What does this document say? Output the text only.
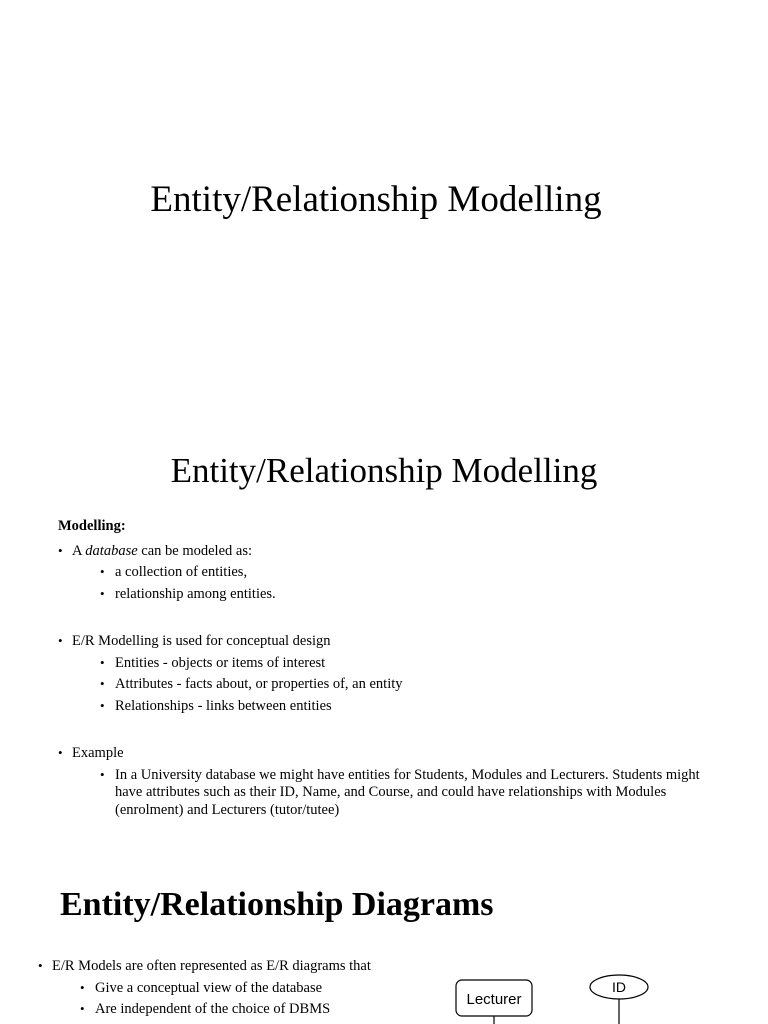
Entity/Relationship Modelling
Entity/Relationship Modelling
Modelling:
• A database can be modeled as:
• a collection of entities,
• relationship among entities.
• E/R Modelling is used for conceptual design
• Entities - objects or items of interest
• Attributes - facts about, or properties of, an entity
• Relationships - links between entities
• Example
• In a University database we might have entities for Students, Modules and Lecturers. Students might have attributes such as their ID, Name, and Course, and could have relationships with Modules (enrolment) and Lecturers (tutor/tutee)
Entity/Relationship Diagrams
• E/R Models are often represented as E/R diagrams that
• Give a conceptual view of the database
• Are independent of the choice of DBMS
Lecturer
ID
